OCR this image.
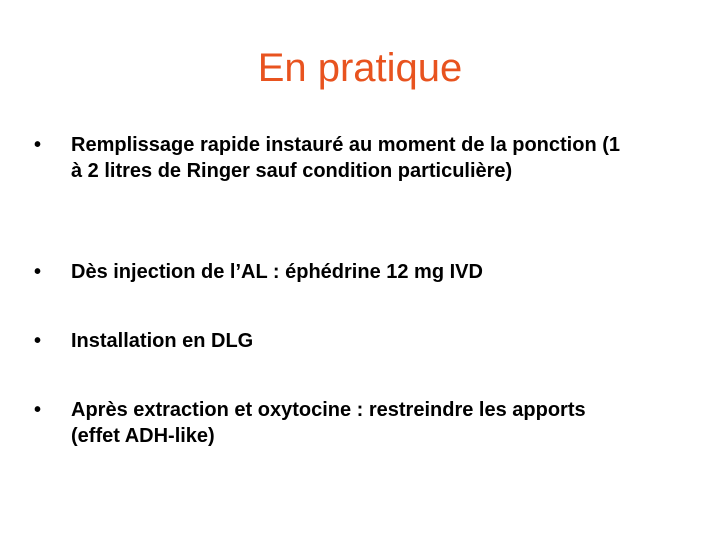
En pratique
•	Remplissage rapide instauré au moment de la ponction (1 à 2 litres de Ringer sauf condition particulière)
•	Dès injection de l’AL : éphédrine 12 mg IVD
•	Installation en DLG
•	Après extraction et oxytocine : restreindre les apports (effet ADH-like)
